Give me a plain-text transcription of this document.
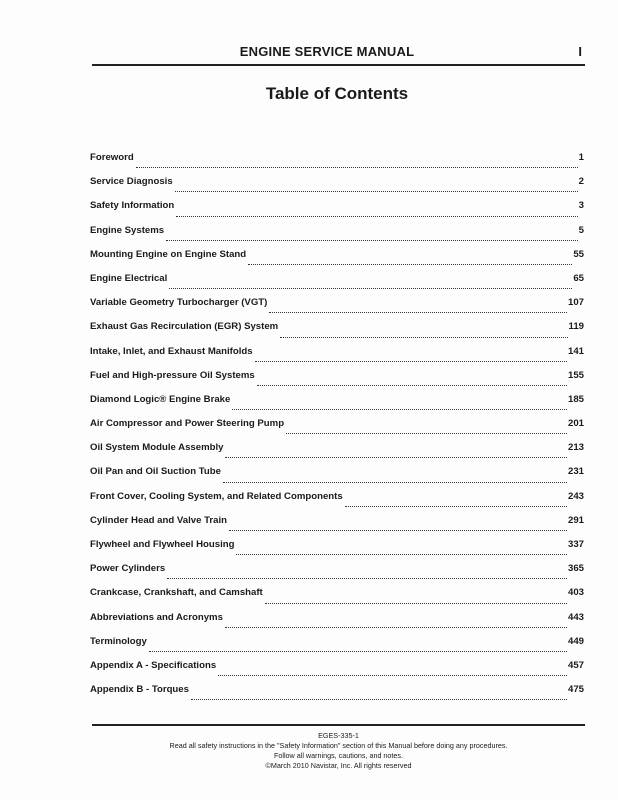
ENGINE SERVICE MANUAL	I
Table of Contents
Foreword	1
Service Diagnosis	2
Safety Information	3
Engine Systems	5
Mounting Engine on Engine Stand	55
Engine Electrical	65
Variable Geometry Turbocharger (VGT)	107
Exhaust Gas Recirculation (EGR) System	119
Intake, Inlet, and Exhaust Manifolds	141
Fuel and High-pressure Oil Systems	155
Diamond Logic® Engine Brake	185
Air Compressor and Power Steering Pump	201
Oil System Module Assembly	213
Oil Pan and Oil Suction Tube	231
Front Cover, Cooling System, and Related Components	243
Cylinder Head and Valve Train	291
Flywheel and Flywheel Housing	337
Power Cylinders	365
Crankcase, Crankshaft, and Camshaft	403
Abbreviations and Acronyms	443
Terminology	449
Appendix A - Specifications	457
Appendix B - Torques	475
EGES-335-1
Read all safety instructions in the "Safety Information" section of this Manual before doing any procedures.
Follow all warnings, cautions, and notes.
©March 2010 Navistar, Inc. All rights reserved
